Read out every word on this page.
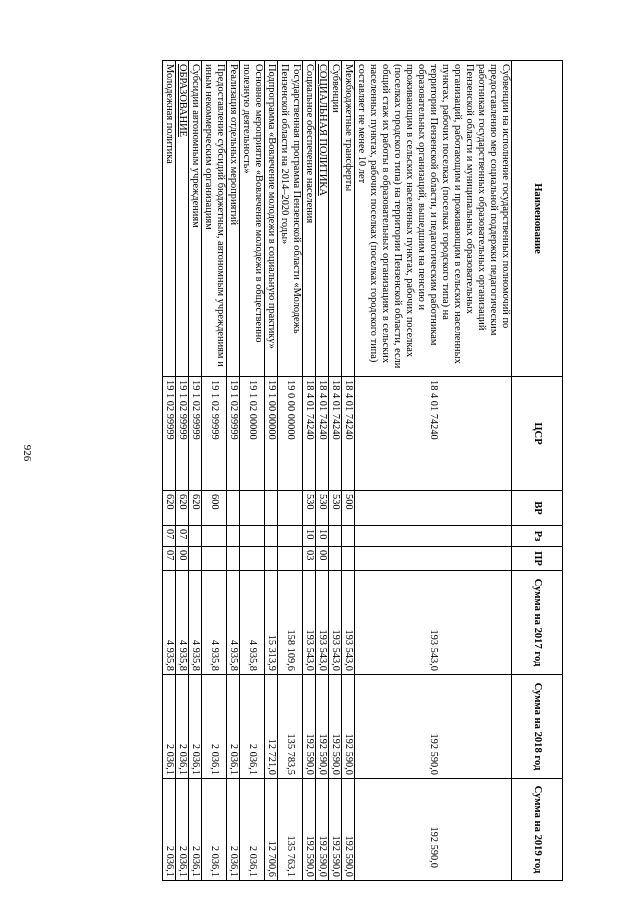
926
Наименование	ЦСР	ВР	Рз	ПР	Сумма на 2017 год	Сумма на 2018 год	Сумма на 2019 год
Субвенции на исполнение государственных полномочий по предоставлению мер социальной поддержки педагогическим работникам государственных образовательных организаций Пензенской области и муниципальных образовательных организаций, работающим и проживающим в сельских населенных пунктах, рабочих поселках (поселках городского типа) на территории Пензенской области, и педагогическим работникам образовательных организаций, вышедшим на пенсию и проживающим в сельских населенных пунктах, рабочих поселках (поселках городского типа) на территории Пензенской области, если общий стаж их работы в образовательных организациях в сельских населенных пунктах, рабочих поселках (поселках городского типа) составляет не менее 10 лет	18 4 01 74240				193 543,0	192 590,0	192 590,0
Межбюджетные трансферты	18 4 01 74240	500			193 543,0	192 590,0	192 590,0
Субвенции	18 4 01 74240	530			193 543,0	192 590,0	192 590,0
СОЦИАЛЬНАЯ ПОЛИТИКА	18 4 01 74240	530	10	00	193 543,0	192 590,0	192 590,0
Социальное обеспечение населения	18 4 01 74240	530	10	03	193 543,0	192 590,0	192 590,0
Государственная программа Пензенской области «Молодежь Пензенской области на 2014–2020 годы»	19 0 00 00000				158 109,6	135 783,5	135 763,1
Подпрограмма «Вовлечение молодежи в социальную практику»	19 1 00 00000				15 313,9	12 721,0	12 700,6
Основное мероприятие «Вовлечение молодежи в общественно полезную деятельность»	19 1 02 00000				4 935,8	2 036,1	2 036,1
Реализация отдельных мероприятий	19 1 02 99999				4 935,8	2 036,1	2 036,1
Предоставление субсидий бюджетным, автономным учреждениям и иным некоммерческим организациям	19 1 02 99999	600			4 935,8	2 036,1	2 036,1
Субсидии автономным учреждениям	19 1 02 99999	620			4 935,8	2 036,1	2 036,1
ОБРАЗОВАНИЕ	19 1 02 99999	620	07	00	4 935,8	2 036,1	2 036,1
Молодежная политика	19 1 02 99999	620	07	07	4 935,8	2 036,1	2 036,1
